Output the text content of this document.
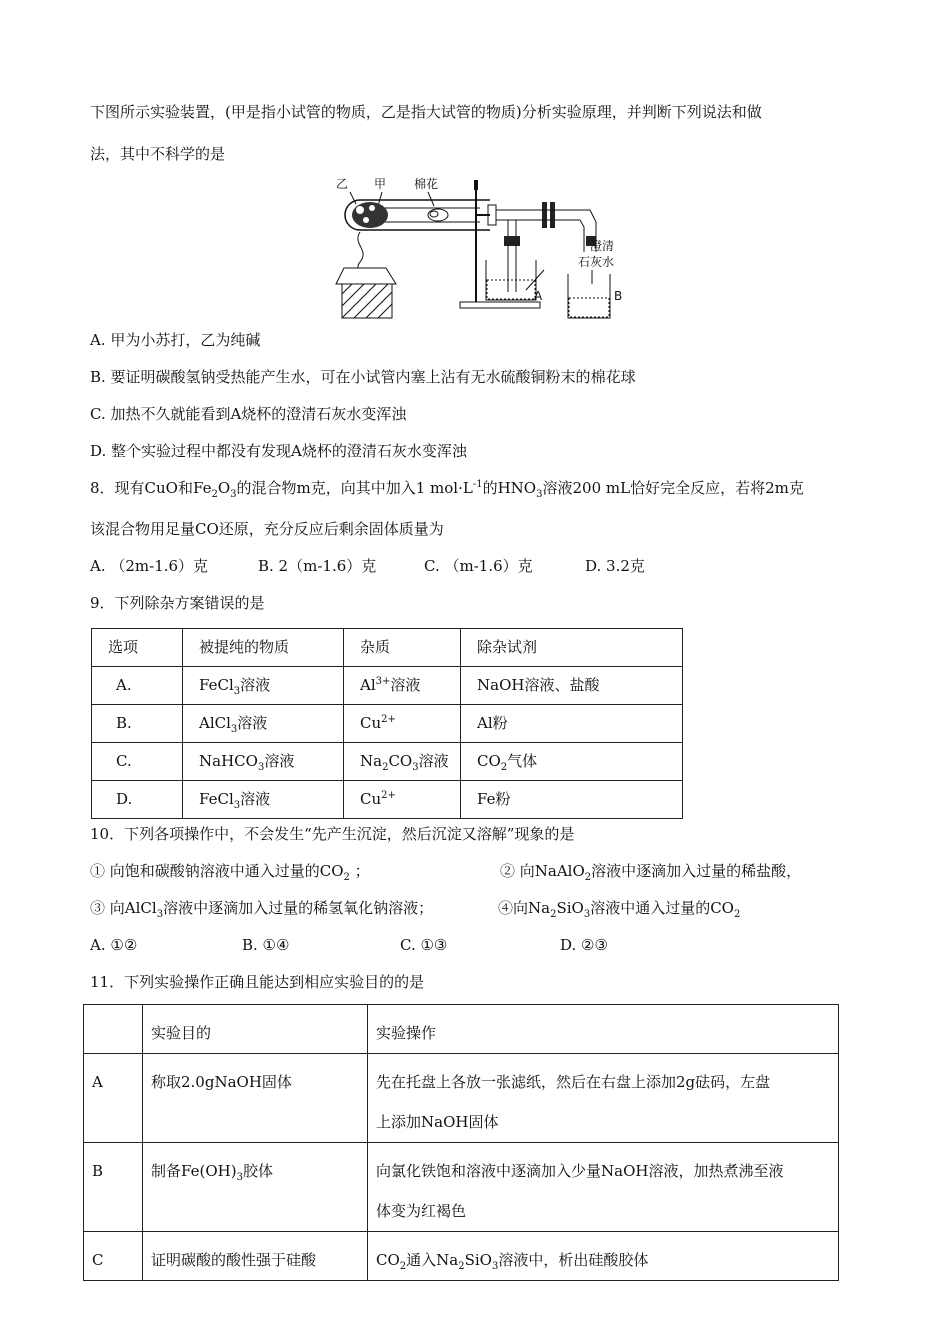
下图所示实验装置，(甲是指小试管的物质，乙是指大试管的物质)分析实验原理，并判断下列说法和做
法，其中不科学的是
乙 甲 棉花
澄清
石灰水
A	B
A. 甲为小苏打，乙为纯碱
B. 要证明碳酸氢钠受热能产生水，可在小试管内塞上沾有无水硫酸铜粉末的棉花球
C. 加热不久就能看到A烧杯的澄清石灰水变浑浊
D. 整个实验过程中都没有发现A烧杯的澄清石灰水变浑浊
8．现有CuO和$Fe_2O_3$的混合物m克，向其中加入1 $mol\cdot L^{-1}$的$HNO_3$溶液200 mL恰好完全反应，若将2m克
该混合物用足量CO还原，充分反应后剩余固体质量为
A. （2m-1.6）克	B. 2（m-1.6）克	C. （m-1.6）克	D. 3.2克
9．下列除杂方案错误的是
选项	被提纯的物质	杂质	除杂试剂
A.	FeCl$_3$溶液	$Al^{3+}$溶液	NaOH溶液、盐酸
B.	AlCl$_3$溶液	$Cu^{2+}$	Al粉
C.	NaHCO$_3$溶液	$Na_2CO_3$溶液	$CO_2$气体
D.	FeCl$_3$溶液	$Cu^{2+}$	Fe粉
10．下列各项操作中，不会发生“先产生沉淀，然后沉淀又溶解”现象的是
① 向饱和碳酸钠溶液中通入过量的$CO_2$ ；	② 向NaAlO$_2$溶液中逐滴加入过量的稀盐酸，
③ 向AlCl$_3$溶液中逐滴加入过量的稀氢氧化钠溶液；	④向$Na_2SiO_3$溶液中通入过量的$CO_2$
A. ①②	B. ①④	C. ①③	D. ②③
11．下列实验操作正确且能达到相应实验目的的是
	实验目的	实验操作
A	称取2.0gNaOH固体	先在托盘上各放一张滤纸，然后在右盘上添加2g砝码，左盘
上添加NaOH固体

B	制备$Fe(OH)_3$胶体	向氯化铁饱和溶液中逐滴加入少量NaOH溶液，加热煮沸至液
体变为红褐色

C	证明碳酸的酸性强于硅酸	$CO_2$通入$Na_2SiO_3$溶液中，析出硅酸胶体
